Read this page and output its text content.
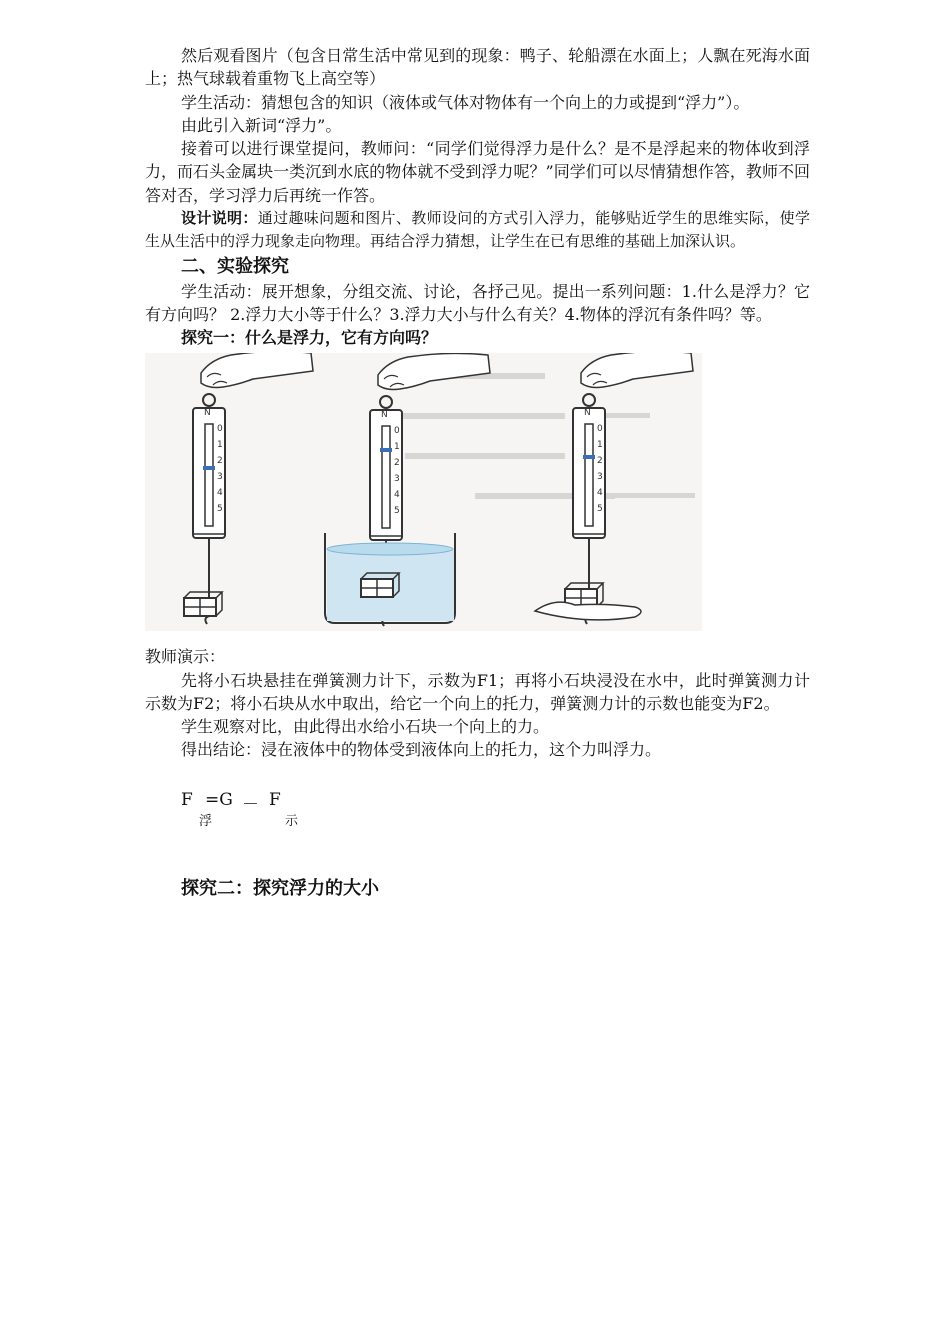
然后观看图片（包含日常生活中常见到的现象：鸭子、轮船漂在水面上；人飘在死海水面上；热气球载着重物飞上高空等）

学生活动：猜想包含的知识（液体或气体对物体有一个向上的力或提到“浮力”）。

由此引入新词“浮力”。

接着可以进行课堂提问，教师问：“同学们觉得浮力是什么？是不是浮起来的物体收到浮力，而石头金属块一类沉到水底的物体就不受到浮力呢？”同学们可以尽情猜想作答，教师不回答对否，学习浮力后再统一作答。

设计说明：通过趣味问题和图片、教师设问的方式引入浮力，能够贴近学生的思维实际，使学生从生活中的浮力现象走向物理。再结合浮力猜想，让学生在已有思维的基础上加深认识。

二、实验探究

学生活动：展开想象，分组交流、讨论，各抒己见。提出一系列问题：1.什么是浮力？它有方向吗？ 2.浮力大小等于什么？3.浮力大小与什么有关？4.物体的浮沉有条件吗？等。

探究一：什么是浮力，它有方向吗？
N
0
1
2
3
4
5
N
0
1
2
3
4
5
N
0
1
2
3
4
5

教师演示：

先将小石块悬挂在弹簧测力计下，示数为F1；再将小石块浸没在水中，此时弹簧测力计示数为F2；将小石块从水中取出，给它一个向上的托力，弹簧测力计的示数也能变为F2。

学生观察对比，由此得出水给小石块一个向上的力。

得出结论：浸在液体中的物体受到液体向上的托力，这个力叫浮力。

F
浮
=G － F
示
探究二：探究浮力的大小
